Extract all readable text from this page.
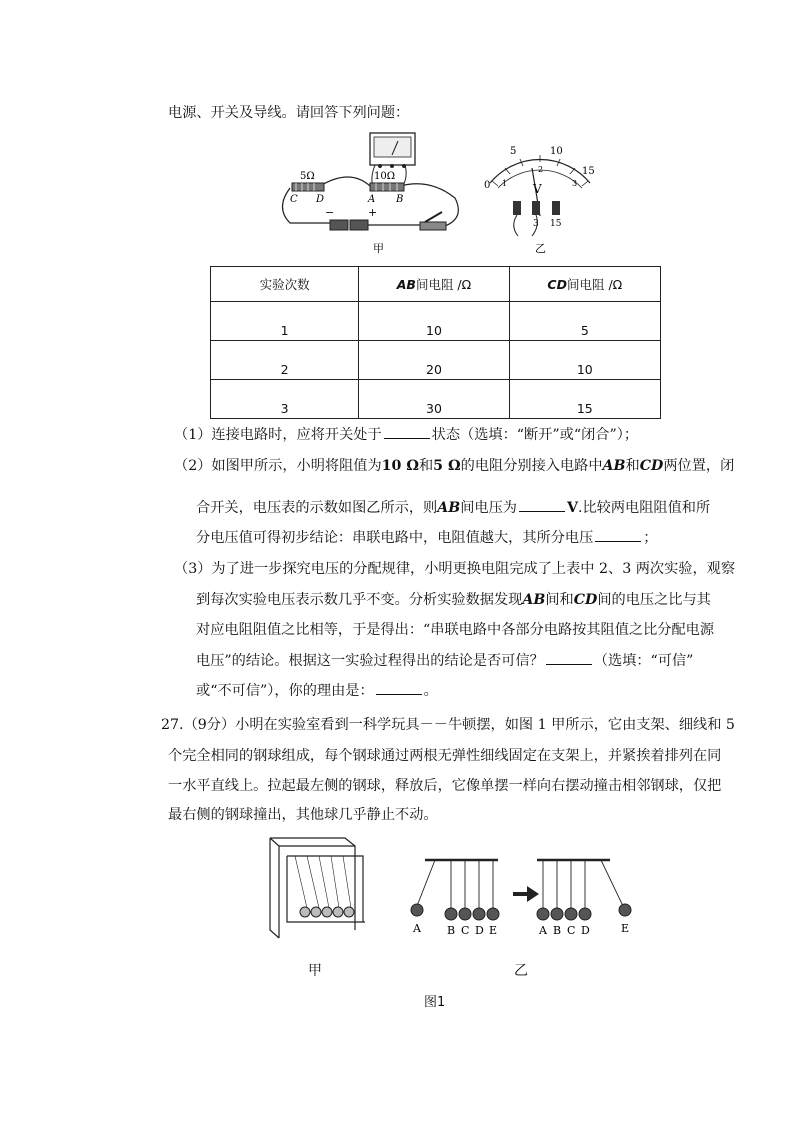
电源、开关及导线。请回答下列问题：
5Ω
C D
10Ω
A B
−	+
甲
0
5	10
15
1
2
3
V
3 15
乙
实验次数	AB间电阻 /Ω	CD间电阻 /Ω
1	10	5
2	20	10
3	30	15
（1）连接电路时，应将开关处于	状态（选填：“断开”或“闭合”）；
（2）如图甲所示，小明将阻值为10 Ω和5 Ω的电阻分别接入电路中AB和CD两位置，闭
合开关，电压表的示数如图乙所示，则AB间电压为	V.比较两电阻阻值和所
分电压值可得初步结论：串联电路中，电阻值越大，其所分电压	；
（3）为了进一步探究电压的分配规律，小明更换电阻完成了上表中 2、3 两次实验，观察
到每次实验电压表示数几乎不变。分析实验数据发现AB间和CD间的电压之比与其
对应电阻阻值之比相等，于是得出：“串联电路中各部分电路按其阻值之比分配电源
电压”的结论。根据这一实验过程得出的结论是否可信？	（选填：“可信”
或“不可信”），你的理由是：	。
27.（9分）小明在实验室看到一科学玩具－－牛顿摆，如图 1 甲所示，它由支架、细线和 5
个完全相同的钢球组成，每个钢球通过两根无弹性细线固定在支架上，并紧挨着排列在同
一水平直线上。拉起最左侧的钢球，释放后，它像单摆一样向右摆动撞击相邻钢球，仅把
最右侧的钢球撞出，其他球几乎静止不动。
A B C D E	A B C D	E
甲	乙
图1
